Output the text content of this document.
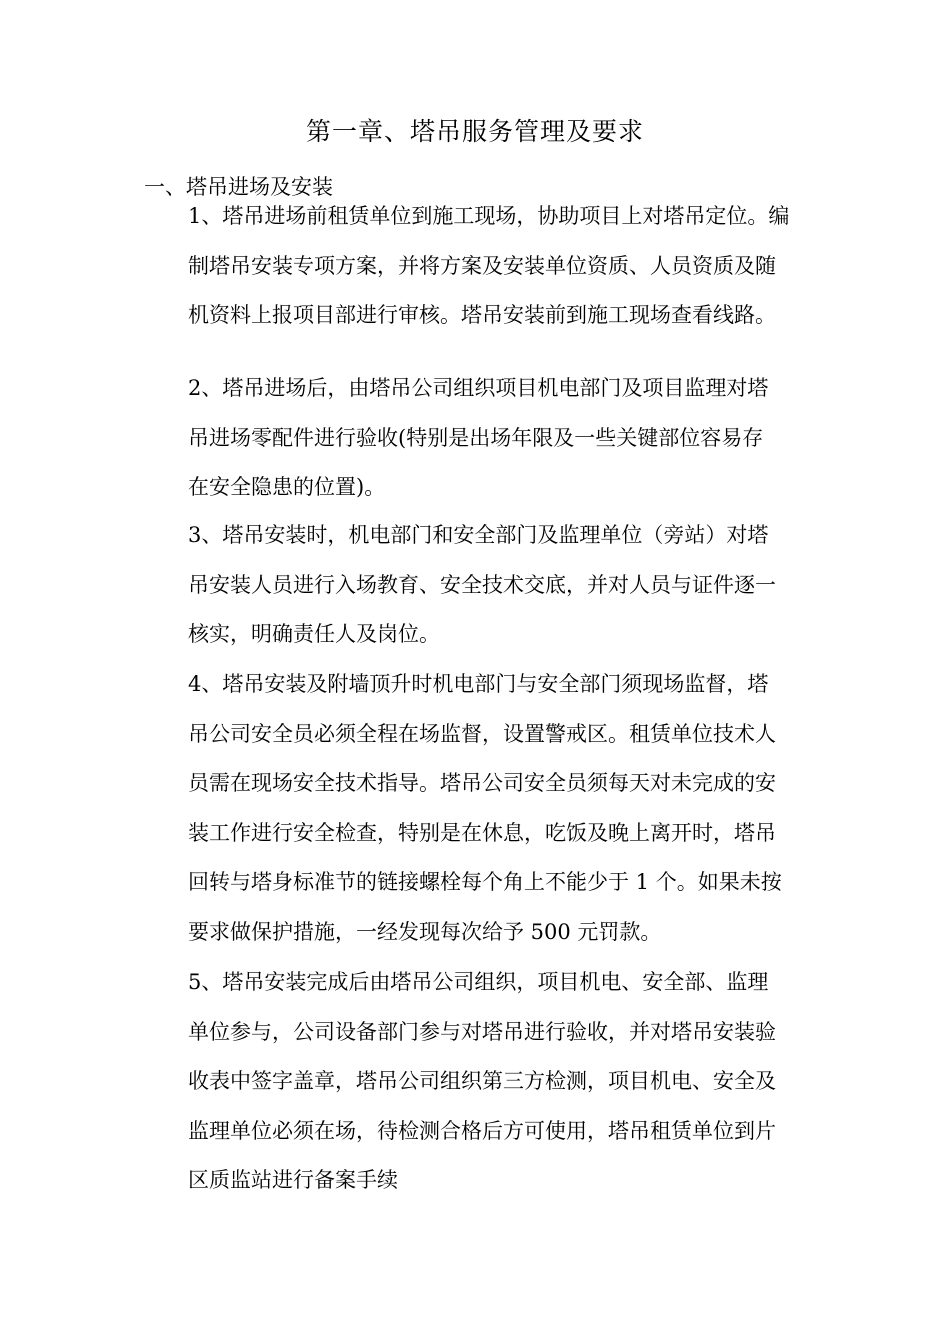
第一章、塔吊服务管理及要求
一、塔吊进场及安装
1、塔吊进场前租赁单位到施工现场，协助项目上对塔吊定位。编
制塔吊安装专项方案，并将方案及安装单位资质、人员资质及随
机资料上报项目部进行审核。塔吊安装前到施工现场查看线路。
2、塔吊进场后，由塔吊公司组织项目机电部门及项目监理对塔
吊进场零配件进行验收(特别是出场年限及一些关键部位容易存
在安全隐患的位置)。
3、塔吊安装时，机电部门和安全部门及监理单位（旁站）对塔
吊安装人员进行入场教育、安全技术交底，并对人员与证件逐一
核实，明确责任人及岗位。
4、塔吊安装及附墙顶升时机电部门与安全部门须现场监督，塔
吊公司安全员必须全程在场监督，设置警戒区。租赁单位技术人
员需在现场安全技术指导。塔吊公司安全员须每天对未完成的安
装工作进行安全检查，特别是在休息，吃饭及晚上离开时，塔吊
回转与塔身标准节的链接螺栓每个角上不能少于 1 个。如果未按
要求做保护措施，一经发现每次给予 500 元罚款。
5、塔吊安装完成后由塔吊公司组织，项目机电、安全部、监理
单位参与，公司设备部门参与对塔吊进行验收，并对塔吊安装验
收表中签字盖章，塔吊公司组织第三方检测，项目机电、安全及
监理单位必须在场，待检测合格后方可使用，塔吊租赁单位到片
区质监站进行备案手续
